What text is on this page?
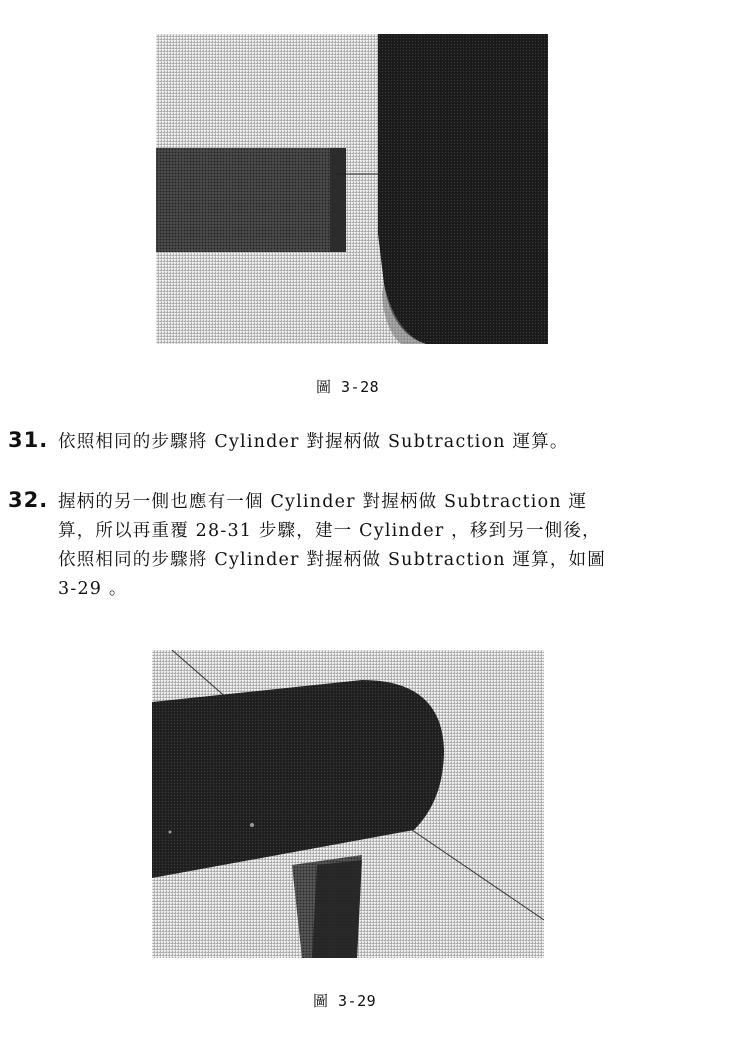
圖 3-28
31. 依照相同的步驟將 Cylinder 對握柄做 Subtraction 運算。
32. 握柄的另一側也應有一個 Cylinder 對握柄做 Subtraction 運
算，所以再重覆 28-31 步驟，建一 Cylinder ，移到另一側後，
依照相同的步驟將 Cylinder 對握柄做 Subtraction 運算，如圖
3-29 。
圖 3-29
